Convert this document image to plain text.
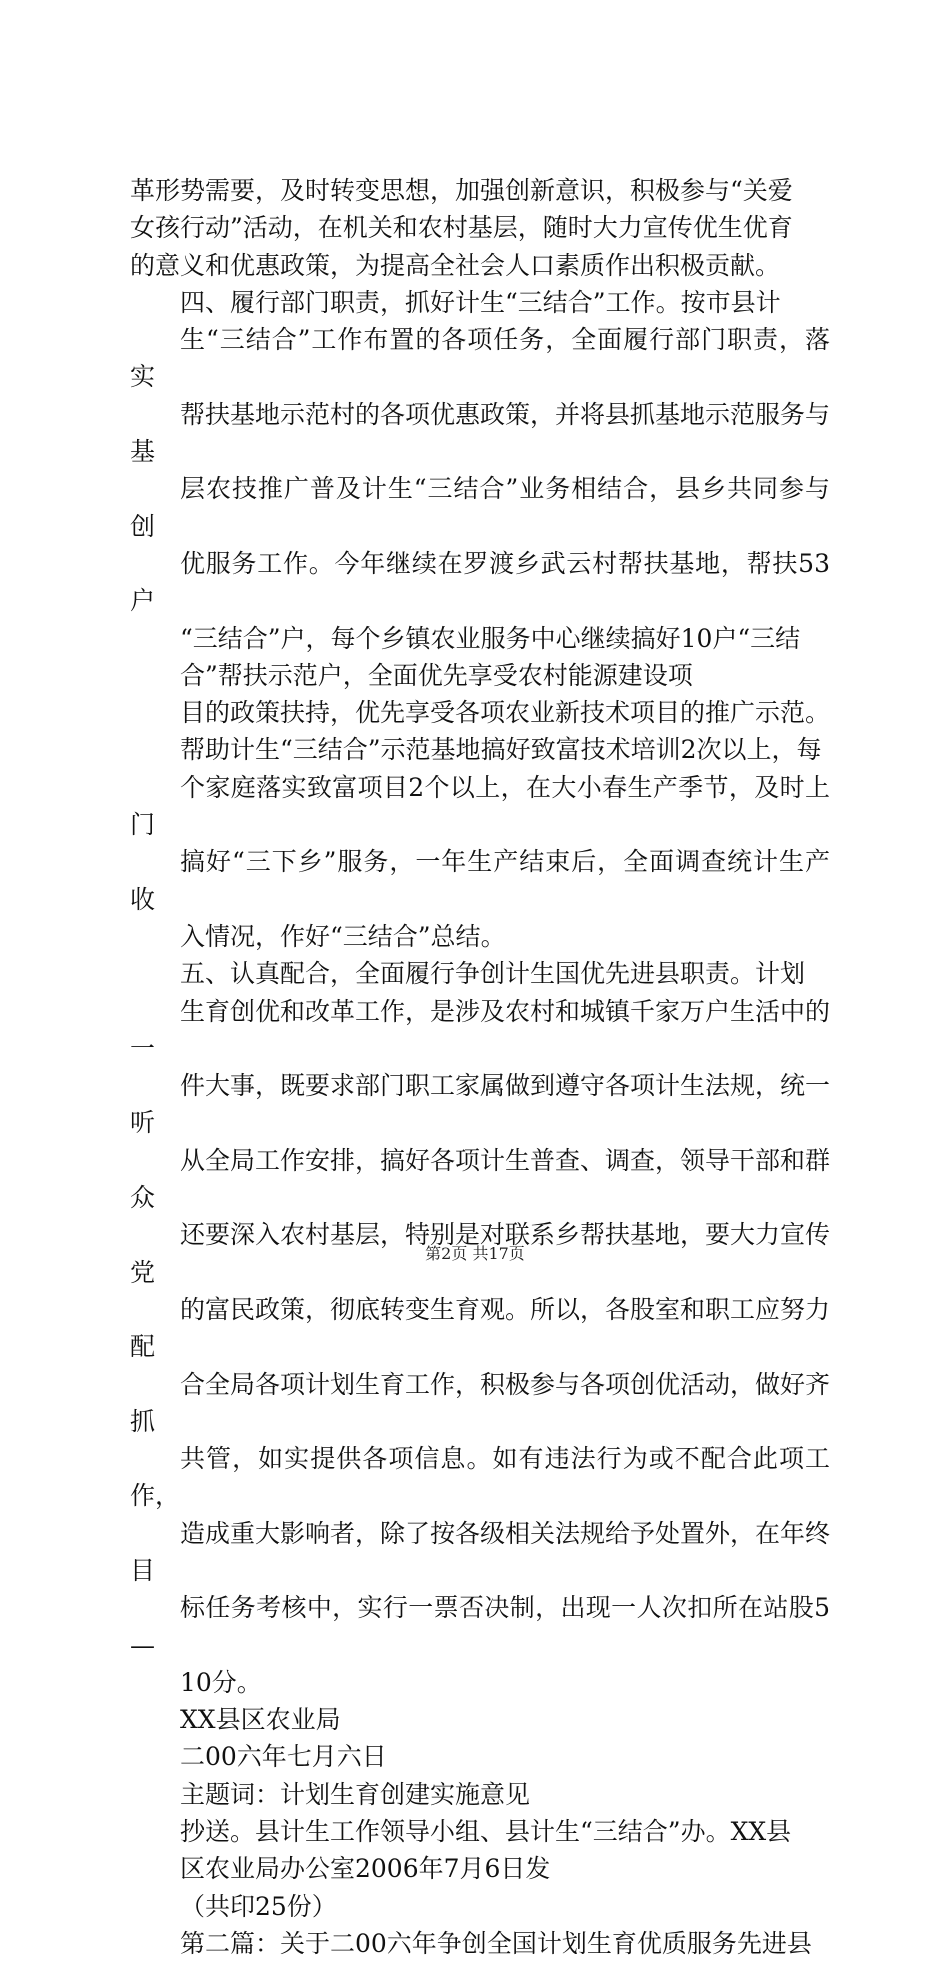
革形势需要，及时转变思想，加强创新意识，积极参与“关爱
女孩行动”活动，在机关和农村基层，随时大力宣传优生优育
的意义和优惠政策，为提高全社会人口素质作出积极贡献。

四、履行部门职责，抓好计生“三结合”工作。按市县计
生“三结合”工作布置的各项任务，全面履行部门职责，落实
帮扶基地示范村的各项优惠政策，并将县抓基地示范服务与基
层农技推广普及计生“三结合”业务相结合，县乡共同参与创
优服务工作。今年继续在罗渡乡武云村帮扶基地，帮扶53户
“三结合”户，每个乡镇农业服务中心继续搞好10户“三结
合”帮扶示范户，全面优先享受农村能源建设项

目的政策扶持，优先享受各项农业新技术项目的推广示范。
帮助计生“三结合”示范基地搞好致富技术培训2次以上，每
个家庭落实致富项目2个以上，在大小春生产季节，及时上门
搞好“三下乡”服务，一年生产结束后，全面调查统计生产收
入情况，作好“三结合”总结。

五、认真配合，全面履行争创计生国优先进县职责。计划
生育创优和改革工作，是涉及农村和城镇千家万户生活中的一
件大事，既要求部门职工家属做到遵守各项计生法规，统一听
从全局工作安排，搞好各项计生普查、调查，领导干部和群众
还要深入农村基层，特别是对联系乡帮扶基地，要大力宣传党
的富民政策，彻底转变生育观。所以，各股室和职工应努力配
合全局各项计划生育工作，积极参与各项创优活动，做好齐抓
共管，如实提供各项信息。如有违法行为或不配合此项工作，
造成重大影响者，除了按各级相关法规给予处置外，在年终目
标任务考核中，实行一票否决制，出现一人次扣所在站股5—
10分。

XX县区农业局

二00六年七月六日

主题词：计划生育创建实施意见

抄送。县计生工作领导小组、县计生“三结合”办。XX县
区农业局办公室2006年7月6日发

（共印25份）

第二篇：关于二00六年争创全国计划生育优质服务先进县

第2页 共17页
